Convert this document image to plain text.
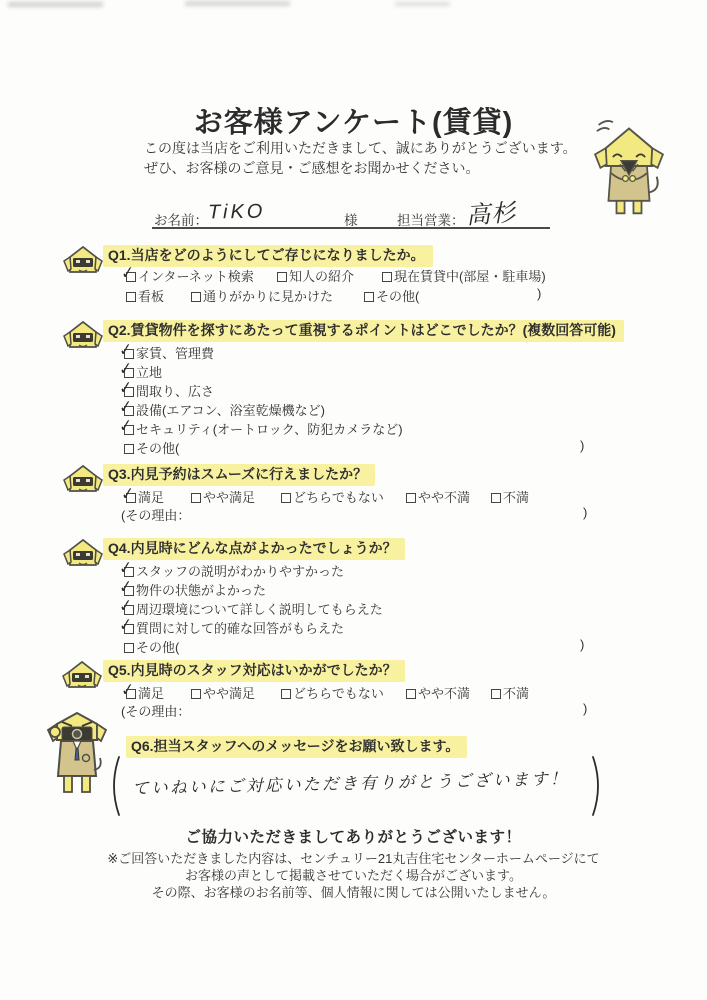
お客様アンケート(賃貸)
この度は当店をご利用いただきまして、誠にありがとうございます。
ぜひ、お客様のご意見・ご感想をお聞かせください。
お名前： TiKO	様	担当営業： 高杉
Q1.当店をどのようにしてご存じになりましたか。
✓ インターネット検索	知人の紹介	現在賃貸中(部屋・駐車場)
看板	通りがかりに見かけた	その他(	)
Q2.賃貸物件を探すにあたって重視するポイントはどこでしたか？(複数回答可能)
✓ 家賃、管理費
✓ 立地
✓ 間取り、広さ
✓ 設備(エアコン、浴室乾燥機など)
✓ セキュリティ(オートロック、防犯カメラなど)
その他(	)
Q3.内見予約はスムーズに行えましたか？
✓ 満足	やや満足	どちらでもない	やや不満	不満
(その理由：	)
Q4.内見時にどんな点がよかったでしょうか？
✓ スタッフの説明がわかりやすかった
✓ 物件の状態がよかった
✓ 周辺環境について詳しく説明してもらえた
✓ 質問に対して的確な回答がもらえた
その他(	)
Q5.内見時のスタッフ対応はいかがでしたか？
✓ 満足	やや満足	どちらでもない	やや不満	不満
(その理由：	)
Q6.担当スタッフへのメッセージをお願い致します。
ていねいにご対応いただき有りがとうございます！
ご協力いただきましてありがとうございます！
※ご回答いただきました内容は、センチュリー21丸吉住宅センターホームページにて
お客様の声として掲載させていただく場合がございます。
その際、お客様のお名前等、個人情報に関しては公開いたしません。
